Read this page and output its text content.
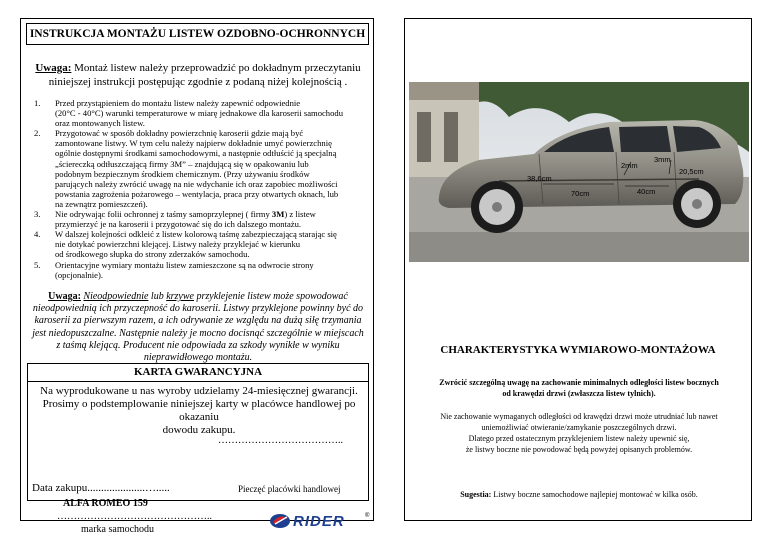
INSTRUKCJA MONTAŻU LISTEW OZDOBNO-OCHRONNYCH
Uwaga: Montaż listew należy przeprowadzić po dokładnym przeczytaniu
niniejszej instrukcji postępując zgodnie z podaną niżej kolejnością .
1. Przed przystąpieniem do montażu listew należy zapewnić odpowiednie
(20°C - 40°C) warunki temperaturowe w miarę jednakowe dla karoserii samochodu
oraz montowanych listew.
2. Przygotować w sposób dokładny powierzchnię karoserii gdzie mają być
zamontowane listwy. W tym celu należy najpierw dokładnie umyć powierzchnię
ogólnie dostępnymi środkami samochodowymi, a następnie odtłuścić ją specjalną
„ściereczką odtłuszczającą firmy 3M” – znajdującą się w opakowaniu lub
podobnym bezpiecznym środkiem chemicznym. (Przy używaniu środków
parujących należy zwrócić uwagę na nie wdychanie ich oraz zapobiec możliwości
powstania zagrożenia pożarowego – wentylacja, praca przy otwartych oknach, lub
na zewnątrz pomieszczeń).
3. Nie odrywając folii ochronnej z taśmy samoprzylepnej ( firmy 3M) z listew
przymierzyć je na karoserii i przygotować się do ich dalszego montażu.
4. W dalszej kolejności odkleić z listew kolorową taśmę zabezpieczającą starając się
nie dotykać powierzchni klejącej. Listwy należy przyklejać w kierunku
od środkowego słupka do strony zderzaków samochodu.
5. Orientacyjne wymiary montażu listew zamieszczone są na odwrocie strony
(opcjonalnie).
Uwaga: Nieodpowiednie lub krzywe przyklejenie listew może spowodować
nieodpowiednią ich przyczepność do karoserii. Listwy przyklejone powinny być do
karoserii za pierwszym razem, a ich odrywanie ze względu na dużą siłę trzymania
jest niedopuszczalne. Następnie należy je mocno docisnąć szczególnie w miejscach
z taśmą klejącą. Producent nie odpowiada za szkody wynikłe w wyniku
nieprawidłowego montażu.
KARTA GWARANCYJNA
Na wyprodukowane u nas wyroby udzielamy 24-miesięcznej gwarancji.
Prosimy o podstemplowanie niniejszej karty w placówce handlowej po okazaniu
dowodu zakupu.
………………………………..
Data zakupu.....................….....	Pieczęć placówki handlowej
ALFA ROMEO 159
………………………………………..
marka samochodu	RIDER	®
2mm
3mm
20,5cm
38,6cm
70cm	40cm
CHARAKTERYSTYKA WYMIAROWO-MONTAŻOWA
Zwrócić szczególną uwagę na zachowanie minimalnych odległości listew bocznych
od krawędzi drzwi (zwłaszcza listew tylnich).
Nie zachowanie wymaganych odległości od krawędzi drzwi może utrudniać lub nawet
uniemożliwiać otwieranie/zamykanie poszczególnych drzwi.
Dlatego przed ostatecznym przyklejeniem listew należy upewnić się,
że listwy boczne nie powodować będą powyżej opisanych problemów.
Sugestia: Listwy boczne samochodowe najlepiej montować w kilka osób.
